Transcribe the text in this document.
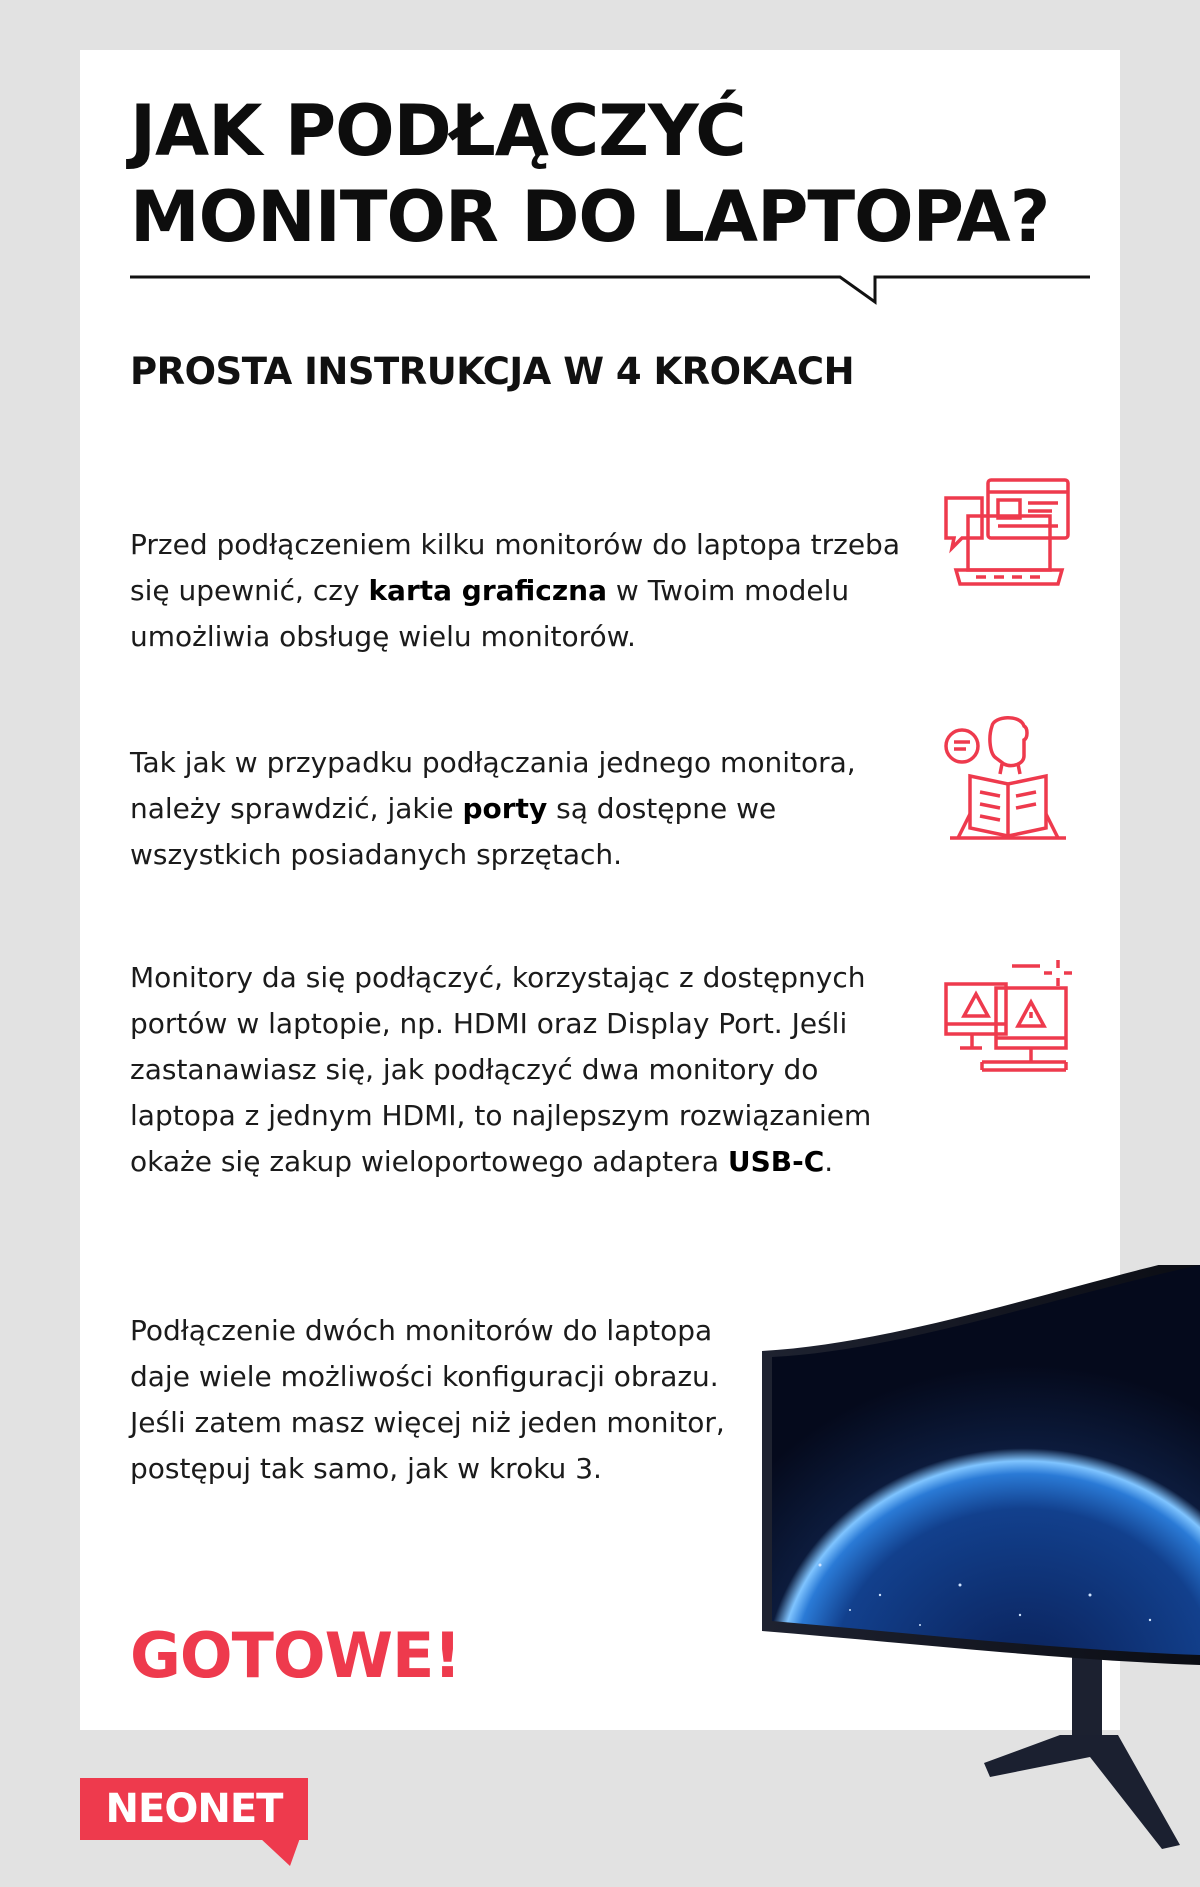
JAK PODŁĄCZYĆ
MONITOR DO LAPTOPA?
PROSTA INSTRUKCJA W 4 KROKACH

Przed podłączeniem kilku monitorów do laptopa trzeba się upewnić, czy karta graficzna w Twoim modelu umożliwia obsługę wielu monitorów.

Tak jak w przypadku podłączania jednego monitora, należy sprawdzić, jakie porty są dostępne we wszystkich posiadanych sprzętach.

Monitory da się podłączyć, korzystając z dostępnych portów w laptopie, np. HDMI oraz Display Port. Jeśli zastanawiasz się, jak podłączyć dwa monitory do laptopa z jednym HDMI, to najlepszym rozwiązaniem okaże się zakup wieloportowego adaptera USB-C.

Podłączenie dwóch monitorów do laptopa daje wiele możliwości konfiguracji obrazu. Jeśli zatem masz więcej niż jeden monitor, postępuj tak samo, jak w kroku 3.

GOTOWE!
NEONET
